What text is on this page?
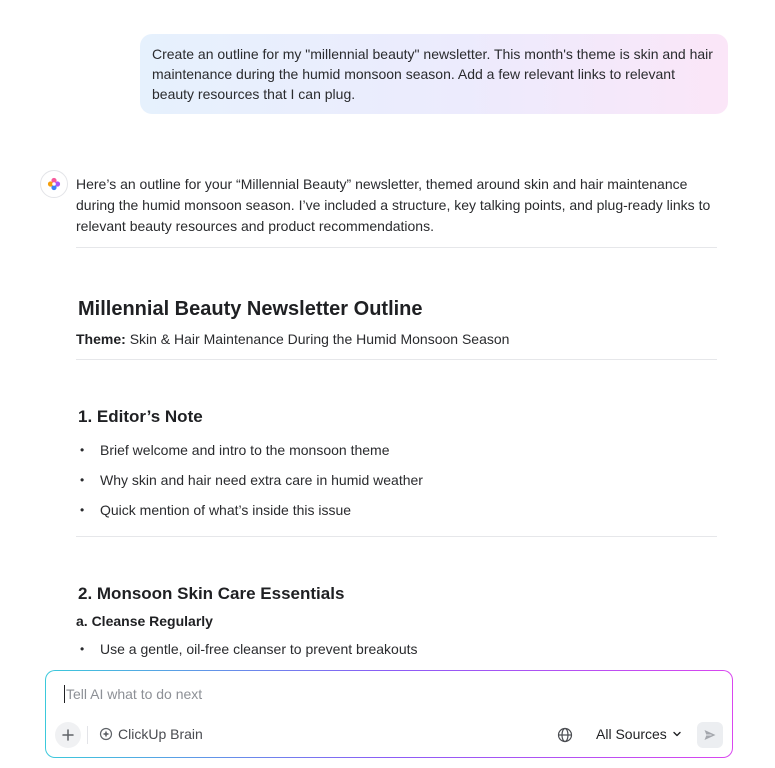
Create an outline for my "millennial beauty" newsletter. This month's theme is skin and hair maintenance during the humid monsoon season. Add a few relevant links to relevant beauty resources that I can plug.

Here’s an outline for your “Millennial Beauty” newsletter, themed around skin and hair maintenance during the humid monsoon season. I’ve included a structure, key talking points, and plug-ready links to relevant beauty resources and product recommendations.

Millennial Beauty Newsletter Outline

Theme: Skin & Hair Maintenance During the Humid Monsoon Season

1. Editor’s Note
• Brief welcome and intro to the monsoon theme
• Why skin and hair need extra care in humid weather
• Quick mention of what’s inside this issue
2. Monsoon Skin Care Essentials

a. Cleanse Regularly

• Use a gentle, oil-free cleanser to prevent breakouts
Tell AI what to do next
ClickUp Brain	All Sources
